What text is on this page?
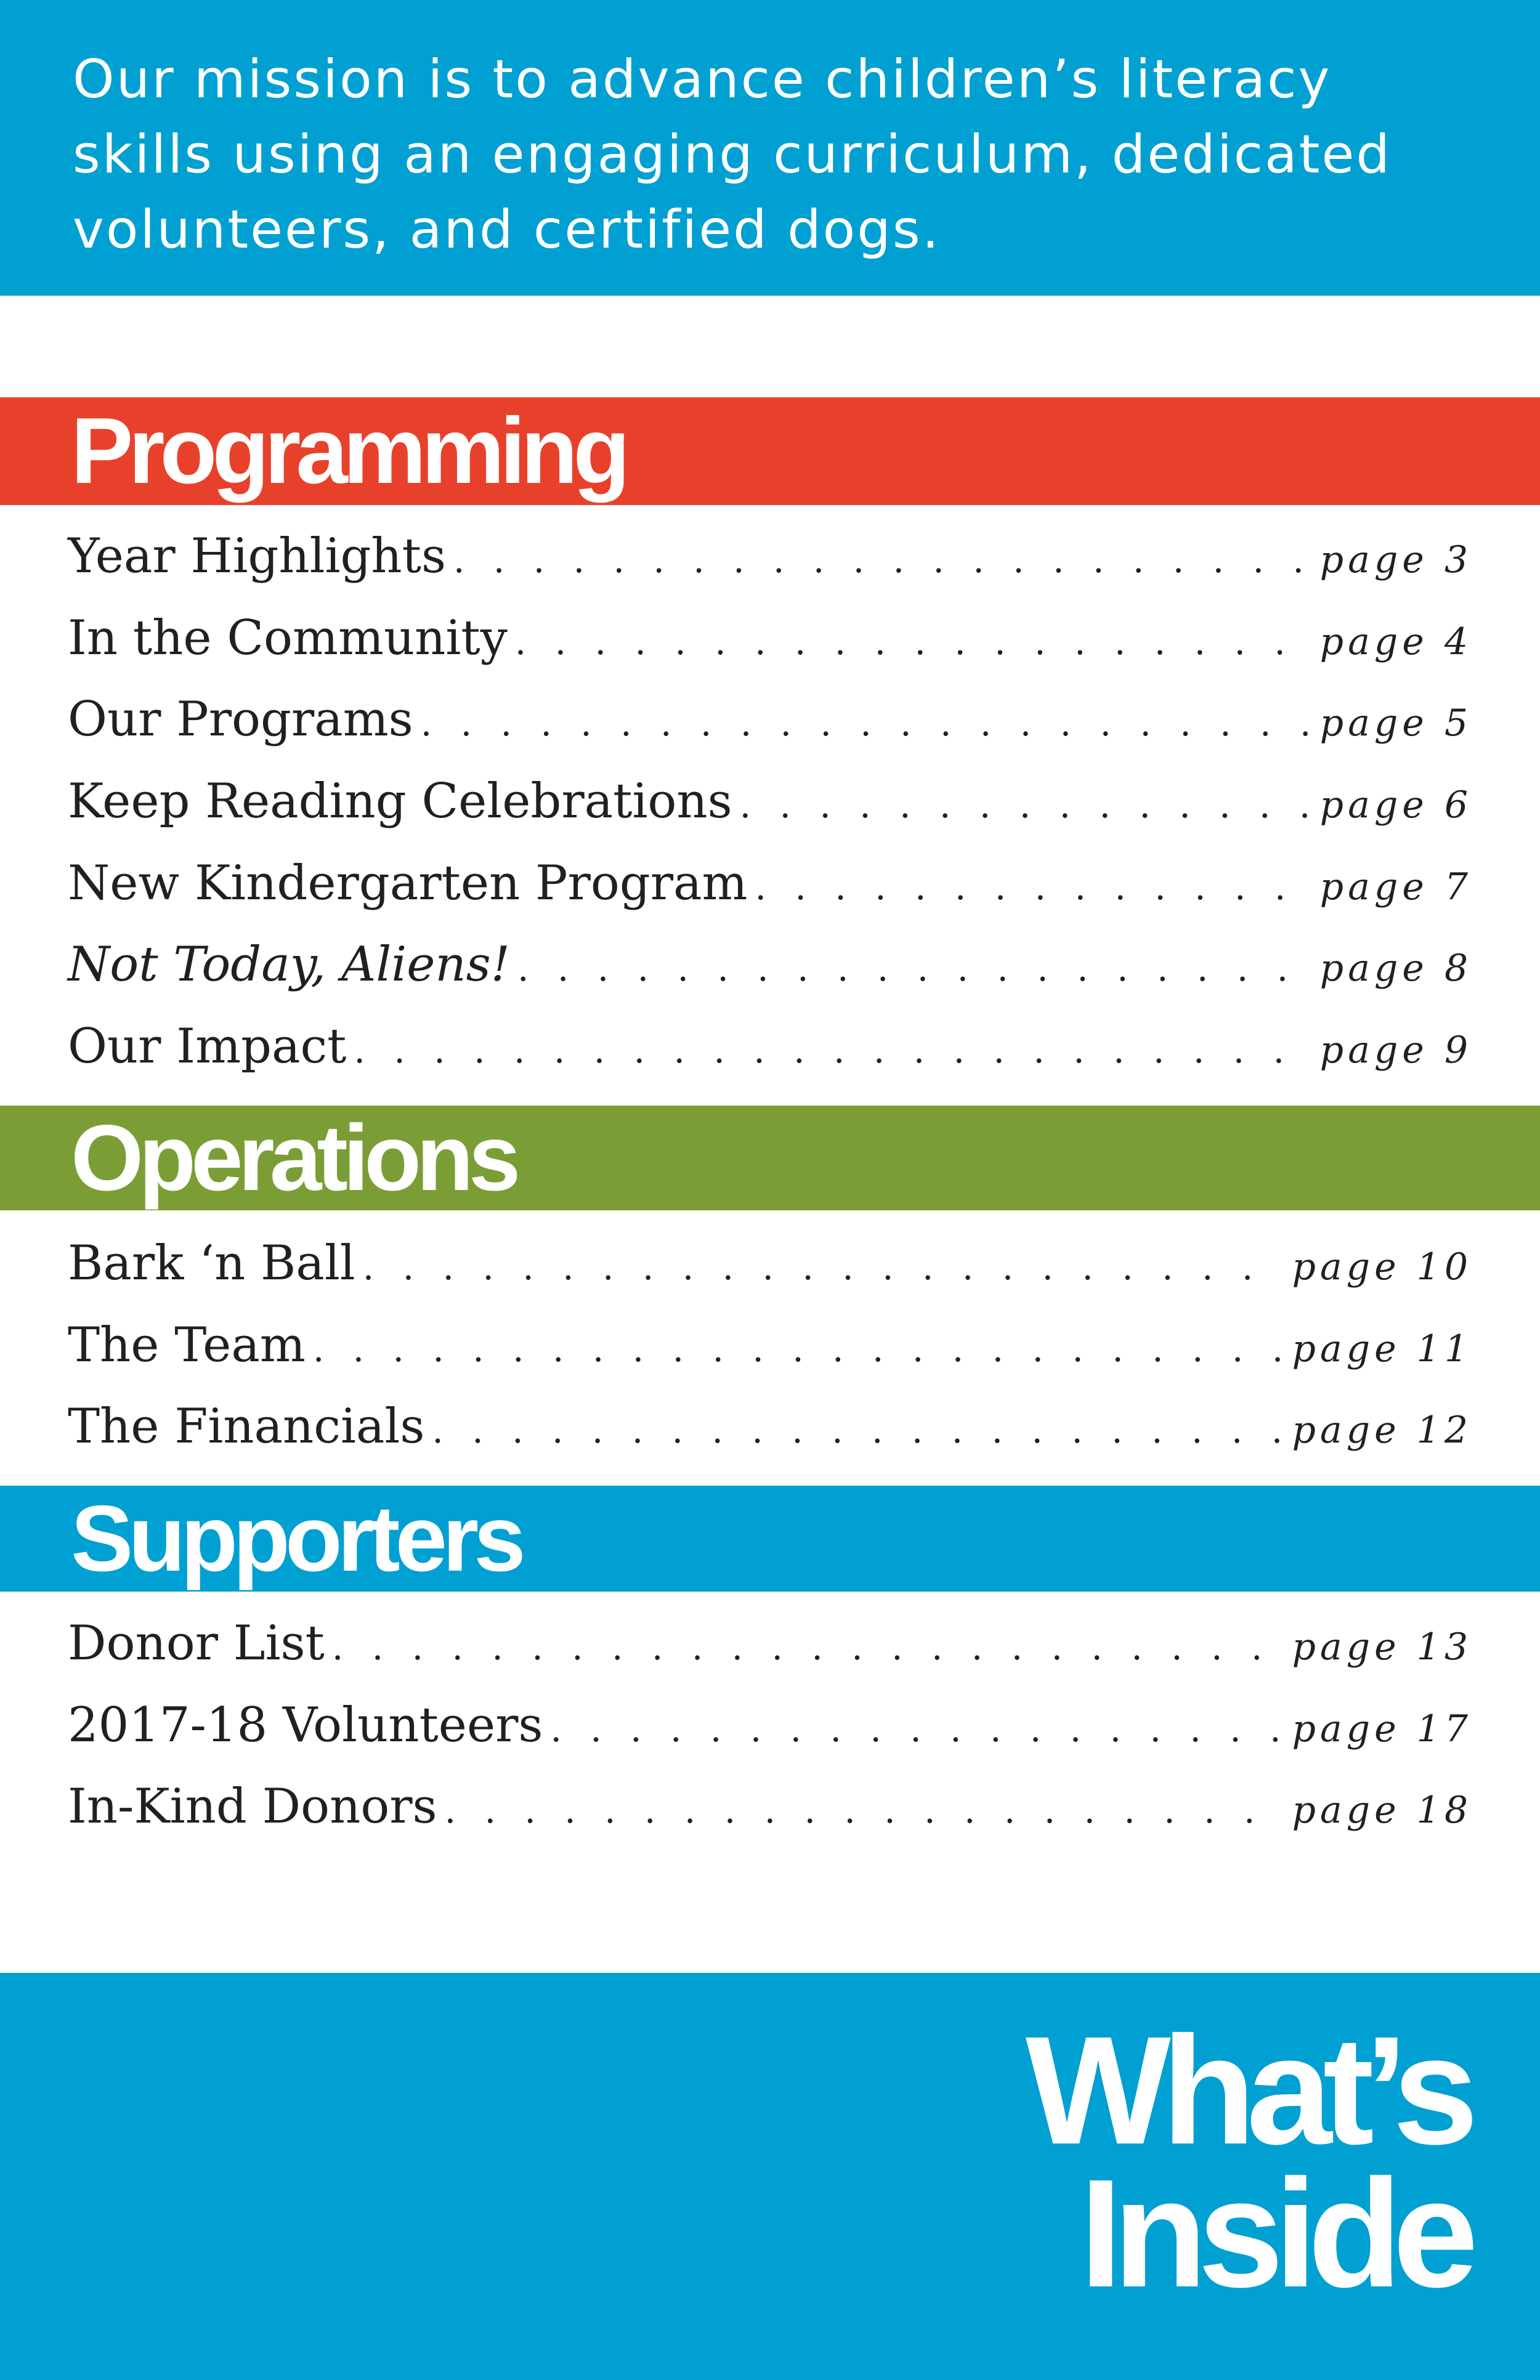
Our mission is to advance children’s literacy
skills using an engaging curriculum, dedicated
volunteers, and certified dogs.

Programming
Year Highlights . . .	page 3
In the Community . . .	page 4
Our Programs . . .	page 5
Keep Reading Celebrations . . .	page 6
New Kindergarten Program . . .	page 7
Not Today, Aliens! . . .	page 8
Our Impact . . .	page 9
Operations
Bark ‘n Ball . . .	page 10
The Team . . .	page 11
The Financials . . .	page 12
Supporters
Donor List . . .	page 13
2017-18 Volunteers . . .	page 17
In-Kind Donors . . .	page 18
What’s
Inside
